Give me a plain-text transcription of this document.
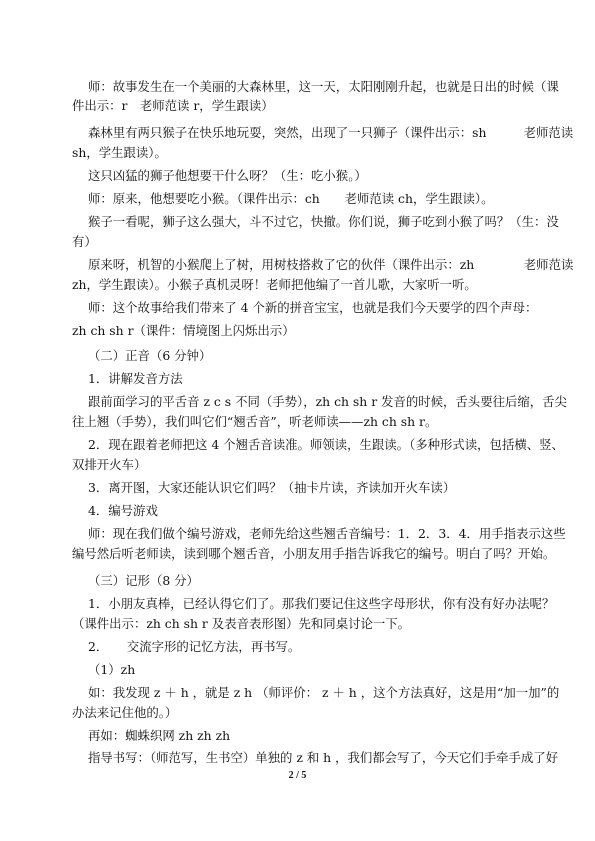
师：故事发生在一个美丽的大森林里，这一天，太阳刚刚升起，也就是日出的时候（课
件出示：r　老师范读 r，学生跟读）
森林里有两只猴子在快乐地玩耍，突然，出现了一只狮子（课件出示：sh　　　老师范读
sh，学生跟读）。
这只凶猛的狮子他想要干什么呀？（生：吃小猴。）
师：原来，他想要吃小猴。（课件出示：ch　　老师范读 ch，学生跟读）。
猴子一看呢，狮子这么强大，斗不过它，快撤。你们说，狮子吃到小猴了吗？（生：没
有）
原来呀，机智的小猴爬上了树，用树枝搭救了它的伙伴（课件出示：zh　　　　老师范读
zh，学生跟读）。小猴子真机灵呀！老师把他编了一首儿歌，大家听一听。
师：这个故事给我们带来了 4 个新的拼音宝宝，也就是我们今天要学的四个声母：
zh ch sh r（课件：情境图上闪烁出示）
（二）正音（6 分钟）
1．讲解发音方法
跟前面学习的平舌音 z c s 不同（手势），zh ch sh r 发音的时候，舌头要往后缩，舌尖
往上翘（手势），我们叫它们“翘舌音”，听老师读——zh ch sh r。
2．现在跟着老师把这 4 个翘舌音读准。师领读，生跟读。（多种形式读，包括横、竖、
双排开火车）
3．离开图，大家还能认识它们吗？（抽卡片读，齐读加开火车读）
4．编号游戏
师：现在我们做个编号游戏，老师先给这些翘舌音编号：1．2．3．4．用手指表示这些
编号然后听老师读，读到哪个翘舌音，小朋友用手指告诉我它的编号。明白了吗？开始。
（三）记形（8 分）
1．小朋友真棒，已经认得它们了。那我们要记住这些字母形状，你有没有好办法呢？
（课件出示：zh ch sh r 及表音表形图）先和同桌讨论一下。
2．　　交流字形的记忆方法，再书写。
（1）zh
如：我发现 z ＋ h ，就是 z h （师评价： z ＋ h ，这个方法真好，这是用“加一加”的
办法来记住他的。）
再如：蜘蛛织网 zh zh zh
指导书写：（师范写，生书空）单独的 z 和 h ，我们都会写了，今天它们手牵手成了好
2 / 5
